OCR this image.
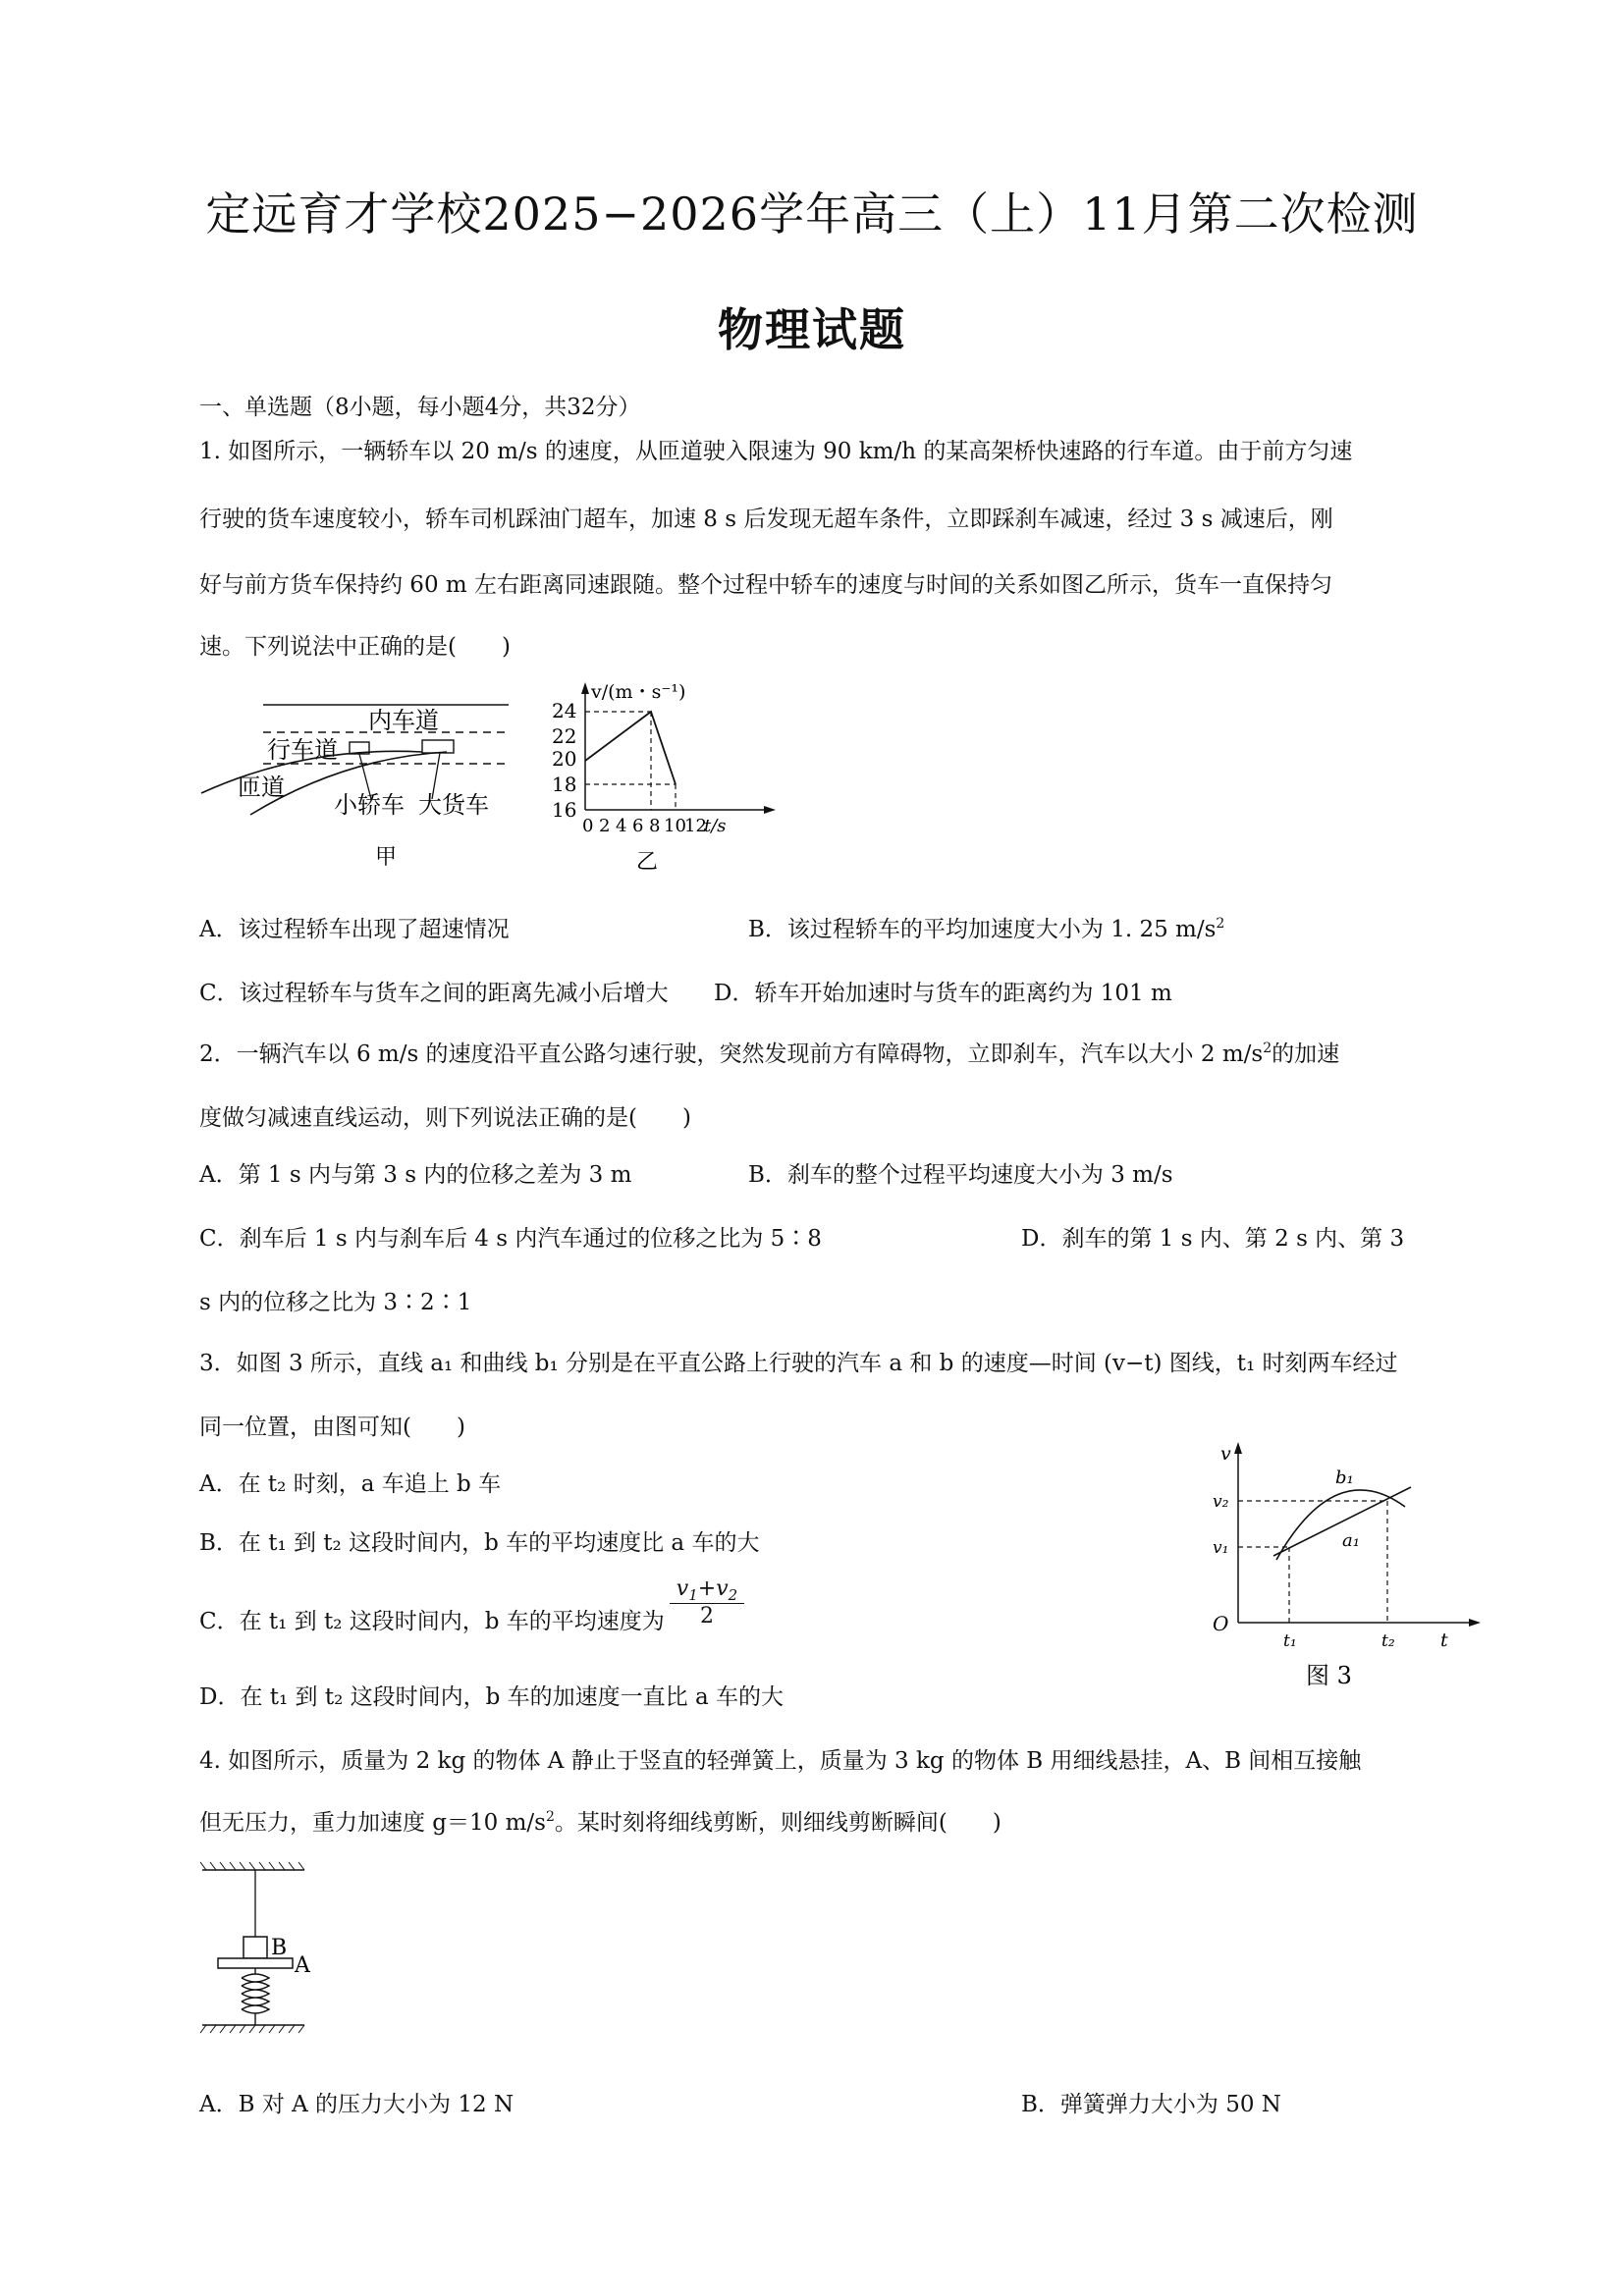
定远育才学校2025−2026学年高三（上）11月第二次检测
物理试题
一、单选题（8小题，每小题4分，共32分）
1. 如图所示，一辆轿车以 20 m/s 的速度，从匝道驶入限速为 90 km/h 的某高架桥快速路的行车道。由于前方匀速
行驶的货车速度较小，轿车司机踩油门超车，加速 8 s 后发现无超车条件，立即踩刹车减速，经过 3 s 减速后，刚
好与前方货车保持约 60 m 左右距离同速跟随。整个过程中轿车的速度与时间的关系如图乙所示，货车一直保持匀
速。下列说法中正确的是(　　)
内车道
行车道
匝道
小轿车 大货车
甲
v/(m・s⁻¹)
24
22
20
18
16
0 2 4 6 8 10
12
t/s
乙
A．该过程轿车出现了超速情况	B．该过程轿车的平均加速度大小为 1. 25 $m/s^2$
C．该过程轿车与货车之间的距离先减小后增大 D．轿车开始加速时与货车的距离约为 101 m
2．一辆汽车以 6 m/s 的速度沿平直公路匀速行驶，突然发现前方有障碍物，立即刹车，汽车以大小 2 $m/s^2$的加速
度做匀减速直线运动，则下列说法正确的是(　　)
A．第 1 s 内与第 3 s 内的位移之差为 3 m	B．刹车的整个过程平均速度大小为 3 m/s
C．刹车后 1 s 内与刹车后 4 s 内汽车通过的位移之比为 5∶8	D．刹车的第 1 s 内、第 2 s 内、第 3
s 内的位移之比为 3∶2∶1
3．如图 3 所示，直线 a₁ 和曲线 b₁ 分别是在平直公路上行驶的汽车 a 和 b 的速度—时间 (v−t) 图线，t₁ 时刻两车经过
同一位置，由图可知(　　)
A．在 t₂ 时刻，a 车追上 b 车
B．在 t₁ 到 t₂ 这段时间内，b 车的平均速度比 a 车的大
C．在 t₁ 到 t₂ 这段时间内，b 车的平均速度为 $\frac{v_1+v_2}{2}$
D．在 t₁ 到 t₂ 这段时间内，b 车的加速度一直比 a 车的大
v
v₂
v₁
O
t₁	t₂ t
b₁
a₁
图 3
4. 如图所示，质量为 2 kg 的物体 A 静止于竖直的轻弹簧上，质量为 3 kg 的物体 B 用细线悬挂，A、B 间相互接触
但无压力，重力加速度 g＝10 $m/s^2$。某时刻将细线剪断，则细线剪断瞬间(　　)
B
A
A．B 对 A 的压力大小为 12 N	B．弹簧弹力大小为 50 N
